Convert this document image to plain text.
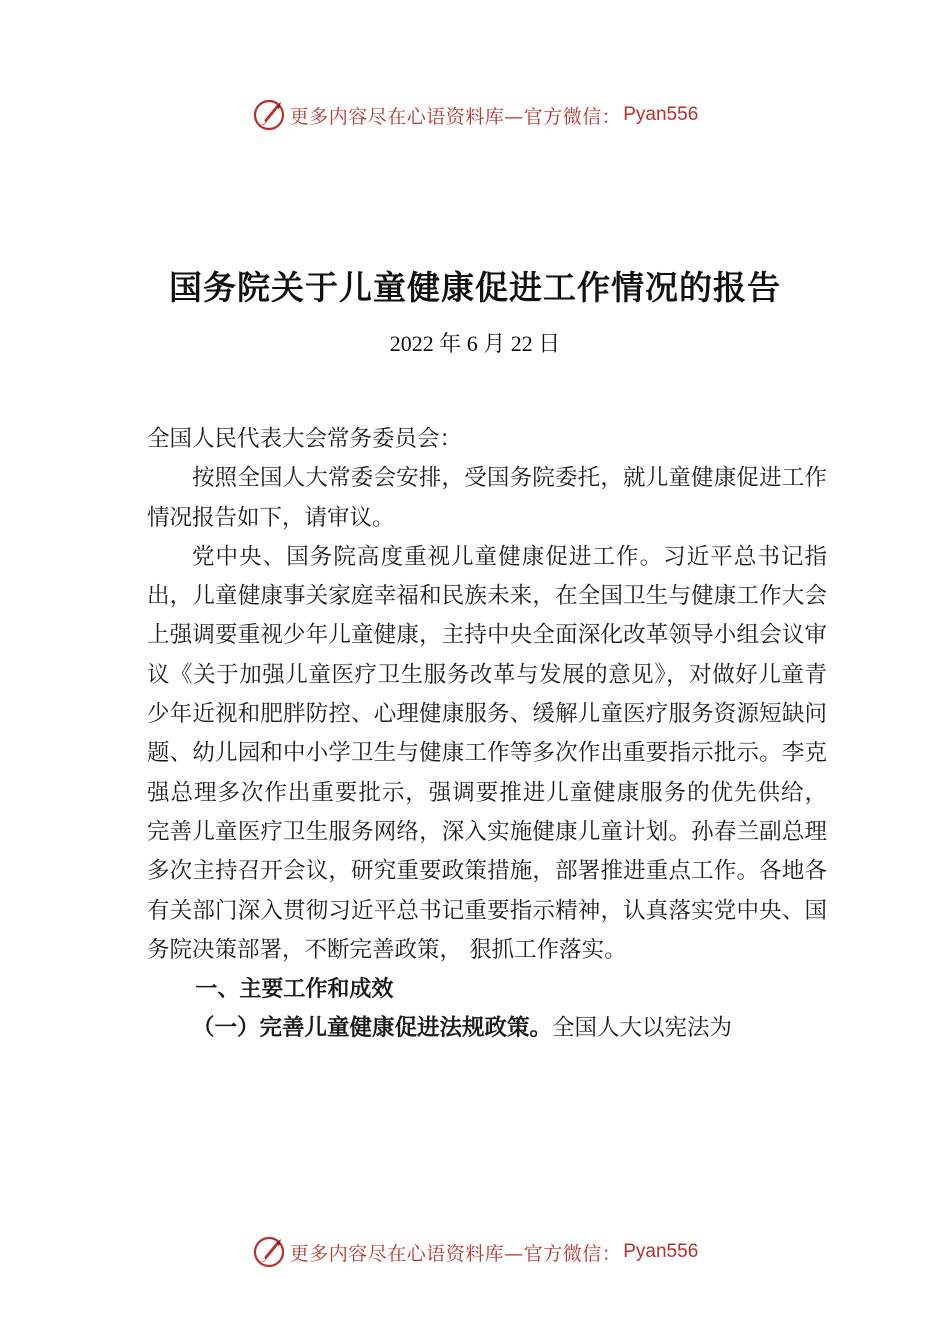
更多内容尽在心语资料库—官方微信： Pyan556
国务院关于儿童健康促进工作情况的报告
2022 年 6 月 22 日

全国人民代表大会常务委员会：

按照全国人大常委会安排，受国务院委托，就儿童健康促进工作情况报告如下，请审议。

党中央、国务院高度重视儿童健康促进工作。习近平总书记指出，儿童健康事关家庭幸福和民族未来，在全国卫生与健康工作大会上强调要重视少年儿童健康，主持中央全面深化改革领导小组会议审议《关于加强儿童医疗卫生服务改革与发展的意见》，对做好儿童青少年近视和肥胖防控、心理健康服务、缓解儿童医疗服务资源短缺问题、幼儿园和中小学卫生与健康工作等多次作出重要指示批示。李克强总理多次作出重要批示，强调要推进儿童健康服务的优先供给， 完善儿童医疗卫生服务网络，深入实施健康儿童计划。孙春兰副总理多次主持召开会议，研究重要政策措施，部署推进重点工作。各地各有关部门深入贯彻习近平总书记重要指示精神，认真落实党中央、国务院决策部署，不断完善政策， 狠抓工作落实。

一、主要工作和成效

（一）完善儿童健康促进法规政策。全国人大以宪法为

更多内容尽在心语资料库—官方微信： Pyan556
